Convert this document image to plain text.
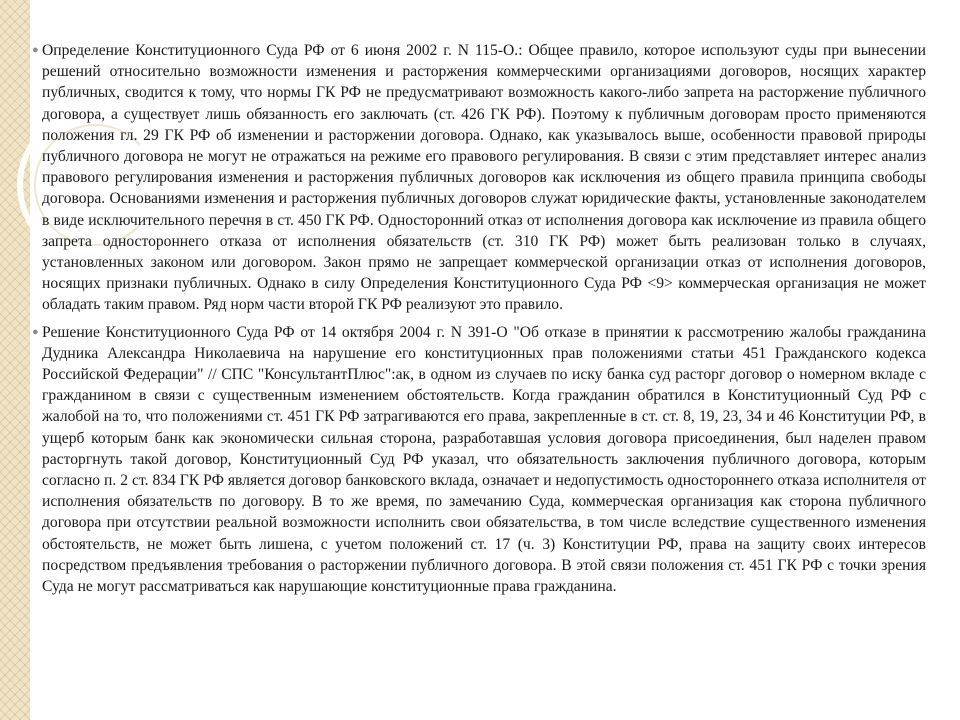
● Определение Конституционного Суда РФ от 6 июня 2002 г. N 115-О.: Общее правило, которое используют суды при вынесении решений относительно возможности изменения и расторжения коммерческими организациями договоров, носящих характер публичных, сводится к тому, что нормы ГК РФ не предусматривают возможность какого-либо запрета на расторжение публичного договора, а существует лишь обязанность его заключать (ст. 426 ГК РФ). Поэтому к публичным договорам просто применяются положения гл. 29 ГК РФ об изменении и расторжении договора. Однако, как указывалось выше, особенности правовой природы публичного договора не могут не отражаться на режиме его правового регулирования. В связи с этим представляет интерес анализ правового регулирования изменения и расторжения публичных договоров как исключения из общего правила принципа свободы договора. Основаниями изменения и расторжения публичных договоров служат юридические факты, установленные законодателем в виде исключительного перечня в ст. 450 ГК РФ. Односторонний отказ от исполнения договора как исключение из правила общего запрета одностороннего отказа от исполнения обязательств (ст. 310 ГК РФ) может быть реализован только в случаях, установленных законом или договором. Закон прямо не запрещает коммерческой организации отказ от исполнения договоров, носящих признаки публичных. Однако в силу Определения Конституционного Суда РФ <9> коммерческая организация не может обладать таким правом. Ряд норм части второй ГК РФ реализуют это правило.
● Решение Конституционного Суда РФ от 14 октября 2004 г. N 391-О "Об отказе в принятии к рассмотрению жалобы гражданина Дудника Александра Николаевича на нарушение его конституционных прав положениями статьи 451 Гражданского кодекса Российской Федерации" // СПС "КонсультантПлюс":ак, в одном из случаев по иску банка суд расторг договор о номерном вкладе с гражданином в связи с существенным изменением обстоятельств. Когда гражданин обратился в Конституционный Суд РФ с жалобой на то, что положениями ст. 451 ГК РФ затрагиваются его права, закрепленные в ст. ст. 8, 19, 23, 34 и 46 Конституции РФ, в ущерб которым банк как экономически сильная сторона, разработавшая условия договора присоединения, был наделен правом расторгнуть такой договор, Конституционный Суд РФ указал, что обязательность заключения публичного договора, которым согласно п. 2 ст. 834 ГК РФ является договор банковского вклада, означает и недопустимость одностороннего отказа исполнителя от исполнения обязательств по договору. В то же время, по замечанию Суда, коммерческая организация как сторона публичного договора при отсутствии реальной возможности исполнить свои обязательства, в том числе вследствие существенного изменения обстоятельств, не может быть лишена, с учетом положений ст. 17 (ч. 3) Конституции РФ, права на защиту своих интересов посредством предъявления требования о расторжении публичного договора. В этой связи положения ст. 451 ГК РФ с точки зрения Суда не могут рассматриваться как нарушающие конституционные права гражданина.
